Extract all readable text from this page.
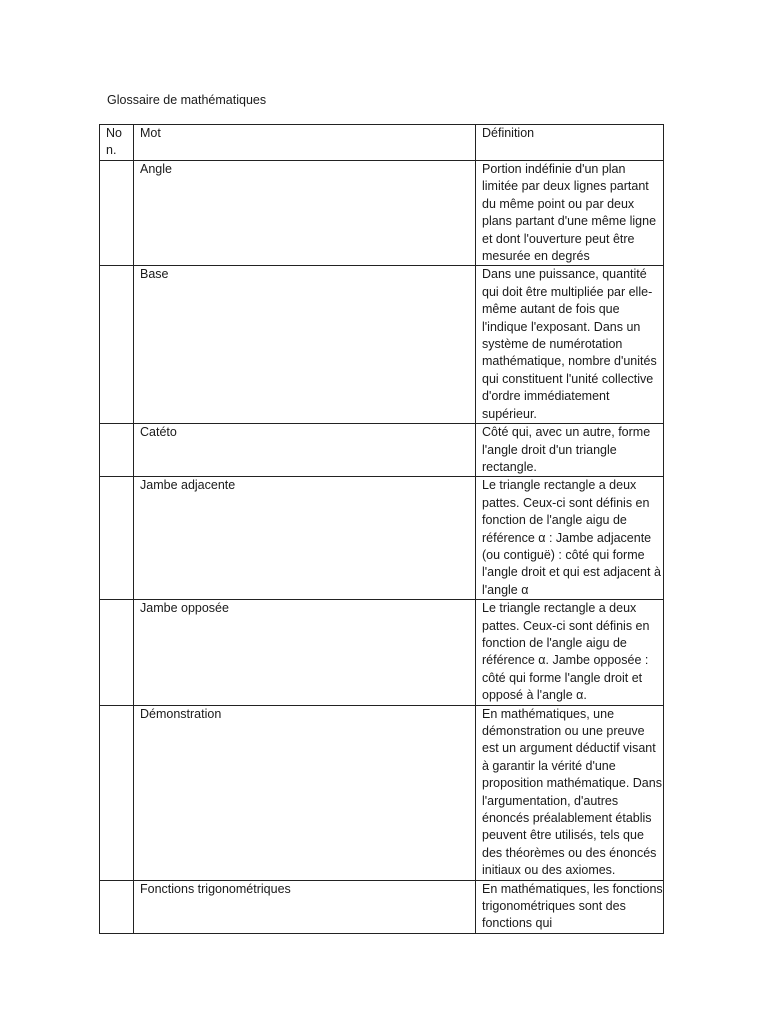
Glossaire de mathématiques
No n.	Mot	Définition
	Angle	Portion indéfinie d'un plan limitée par deux lignes partant du même point ou par deux plans partant d'une même ligne et dont l'ouverture peut être mesurée en degrés
	Base	Dans une puissance, quantité qui doit être multipliée par elle-même autant de fois que l'indique l'exposant. Dans un système de numérotation mathématique, nombre d'unités qui constituent l'unité collective d'ordre immédiatement supérieur.
	Catéto	Côté qui, avec un autre, forme l'angle droit d'un triangle rectangle.
	Jambe adjacente	Le triangle rectangle a deux pattes. Ceux-ci sont définis en fonction de l'angle aigu de référence α : Jambe adjacente (ou contiguë) : côté qui forme l'angle droit et qui est adjacent à l'angle α
	Jambe opposée	Le triangle rectangle a deux pattes. Ceux-ci sont définis en fonction de l'angle aigu de référence α. Jambe opposée : côté qui forme l'angle droit et opposé à l'angle α.
	Démonstration	En mathématiques, une démonstration ou une preuve est un argument déductif visant à garantir la vérité d'une proposition mathématique. Dans l'argumentation, d'autres énoncés préalablement établis peuvent être utilisés, tels que des théorèmes ou des énoncés initiaux ou des axiomes.
	Fonctions trigonométriques	En mathématiques, les fonctions trigonométriques sont des fonctions qui
